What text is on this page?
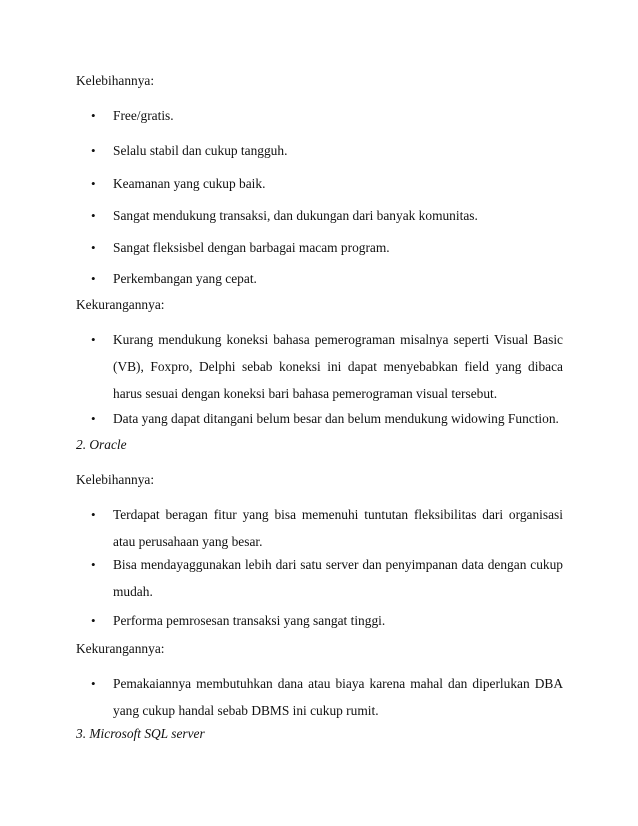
Kelebihannya:
• Free/gratis.
• Selalu stabil dan cukup tangguh.
• Keamanan yang cukup baik.
• Sangat mendukung transaksi, dan dukungan dari banyak komunitas.
• Sangat fleksisbel dengan barbagai macam program.
• Perkembangan yang cepat.
Kekurangannya:
• Kurang mendukung koneksi bahasa pemerograman misalnya seperti Visual Basic (VB), Foxpro, Delphi sebab koneksi ini dapat menyebabkan field yang dibaca harus sesuai dengan koneksi bari bahasa pemerograman visual tersebut.
• Data yang dapat ditangani belum besar dan belum mendukung widowing Function.
2. Oracle
Kelebihannya:
• Terdapat beragan fitur yang bisa memenuhi tuntutan fleksibilitas dari organisasi atau perusahaan yang besar.
• Bisa mendayaggunakan lebih dari satu server dan penyimpanan data dengan cukup mudah.
• Performa pemrosesan transaksi yang sangat tinggi.
Kekurangannya:
• Pemakaiannya membutuhkan dana atau biaya karena mahal dan diperlukan DBA yang cukup handal sebab DBMS ini cukup rumit.
3. Microsoft SQL server
